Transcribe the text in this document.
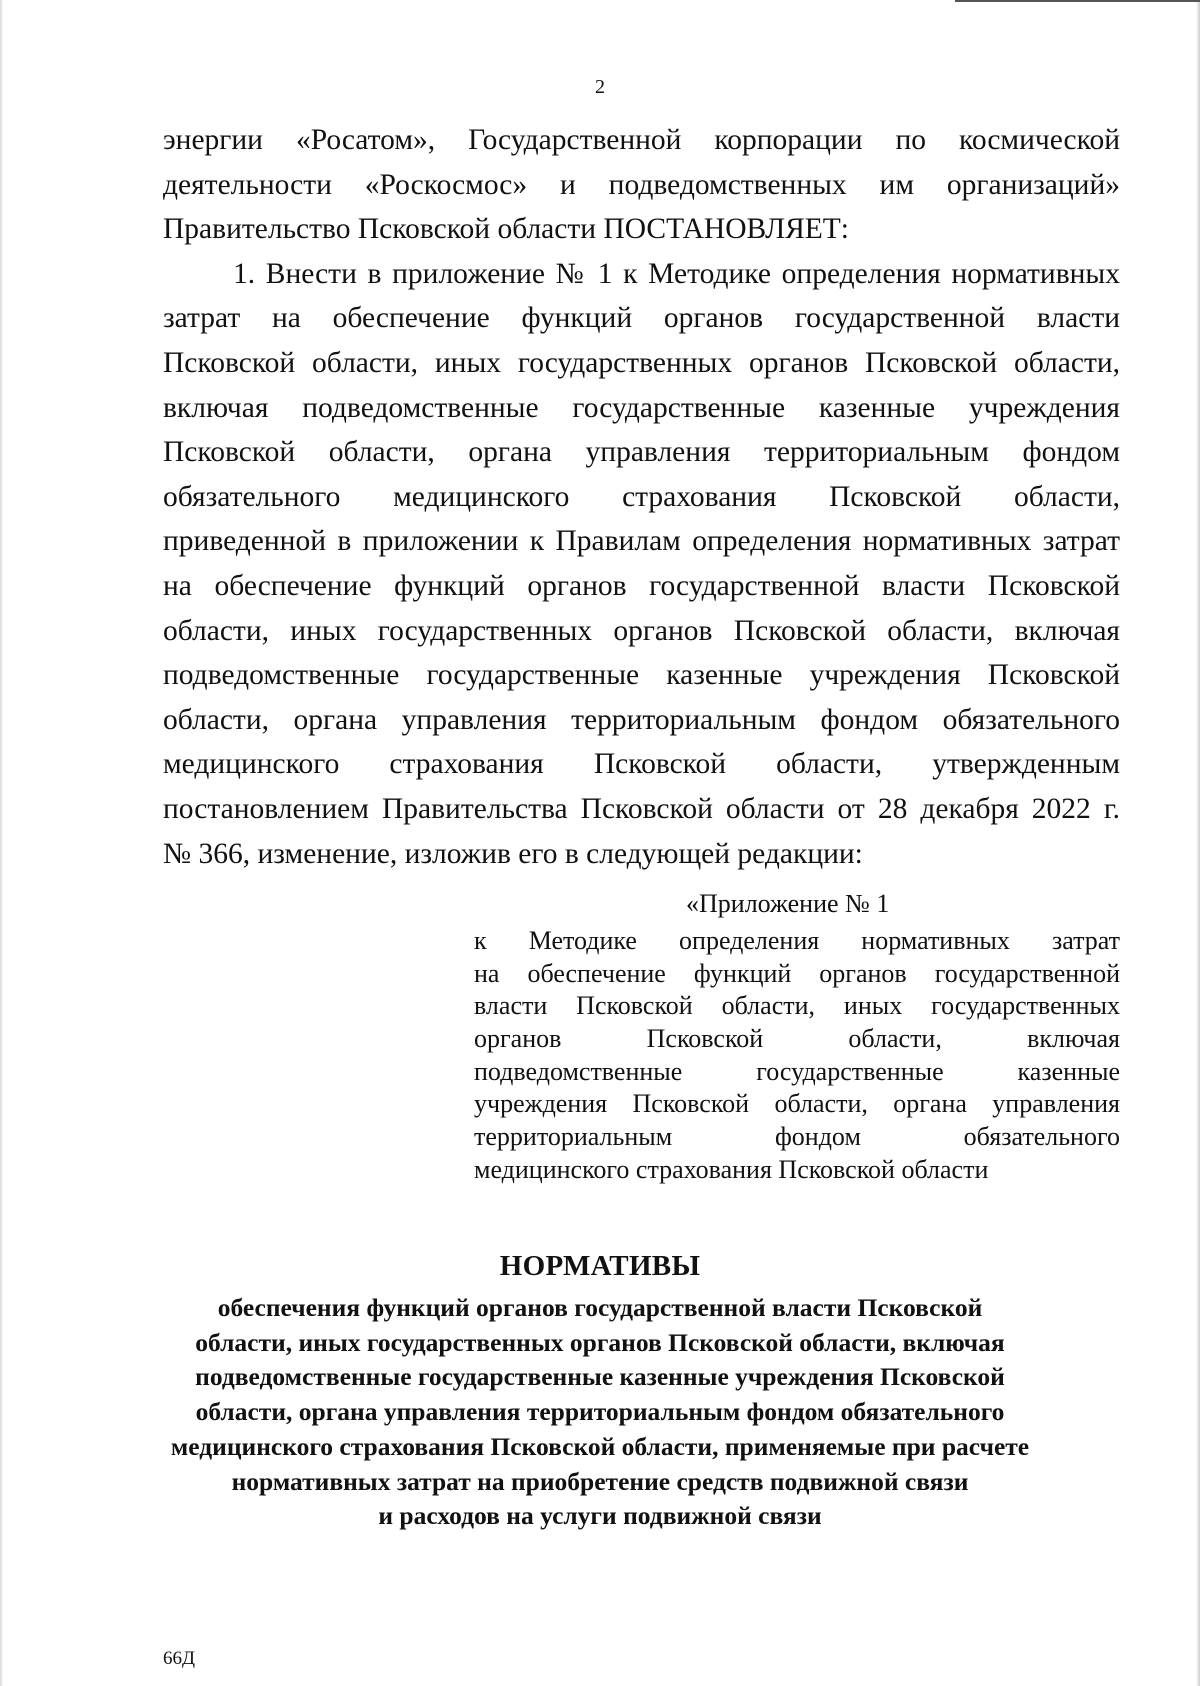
2
энергии «Росатом», Государственной корпорации по космической
деятельности «Роскосмос» и подведомственных им организаций»
Правительство Псковской области ПОСТАНОВЛЯЕТ:
1. Внести в приложение № 1 к Методике определения нормативных
затрат на обеспечение функций органов государственной власти
Псковской области, иных государственных органов Псковской области,
включая подведомственные государственные казенные учреждения
Псковской области, органа управления территориальным фондом
обязательного медицинского страхования Псковской области,
приведенной в приложении к Правилам определения нормативных затрат
на обеспечение функций органов государственной власти Псковской
области, иных государственных органов Псковской области, включая
подведомственные государственные казенные учреждения Псковской
области, органа управления территориальным фондом обязательного
медицинского страхования Псковской области, утвержденным
постановлением Правительства Псковской области от 28 декабря 2022 г.
№ 366, изменение, изложив его в следующей редакции:
«Приложение № 1
к Методике определения нормативных затрат
на обеспечение функций органов государственной
власти Псковской области, иных государственных
органов Псковской области, включая
подведомственные государственные казенные
учреждения Псковской области, органа управления
территориальным фондом обязательного
медицинского страхования Псковской области
НОРМАТИВЫ
обеспечения функций органов государственной власти Псковской
области, иных государственных органов Псковской области, включая
подведомственные государственные казенные учреждения Псковской
области, органа управления территориальным фондом обязательного
медицинского страхования Псковской области, применяемые при расчете
нормативных затрат на приобретение средств подвижной связи
и расходов на услуги подвижной связи
66Д
